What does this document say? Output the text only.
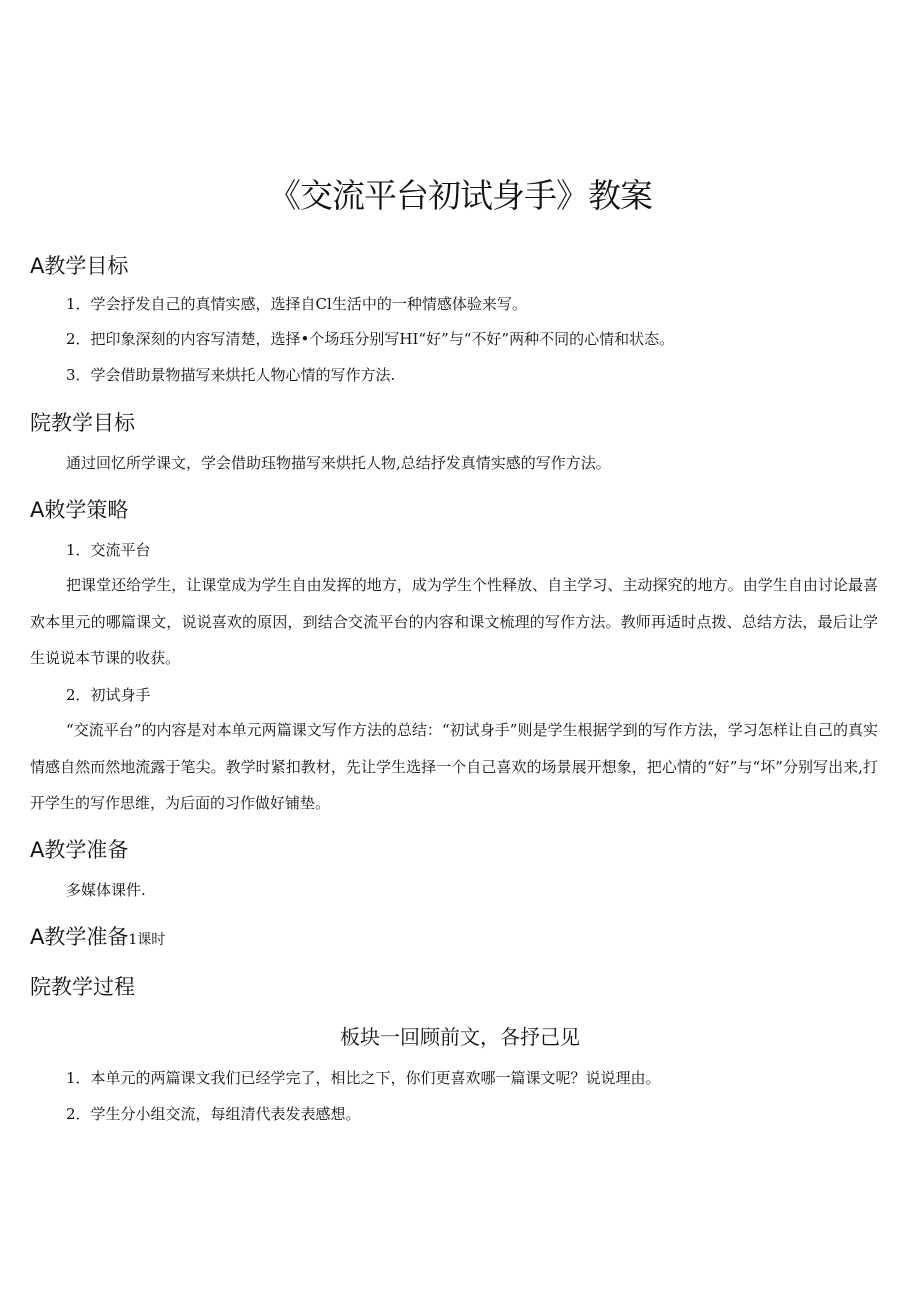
《交流平台初试身手》教案
A教学目标
1．学会抒发自己的真情实感，选择自Cl生活中的一种情感体验来写。
2．把印象深刻的内容写清楚，选择•个场珏分别写HI“好”与“不好”两种不同的心情和状态。
3．学会借助景物描写来烘托人物心情的写作方法.
院教学目标
通过回忆所学课文，学会借助珏物描写来烘托人物,总结抒发真情实感的写作方法。
A敕学策略
1．交流平台
把课堂还给学生，让课堂成为学生自由发挥的地方，成为学生个性释放、自主学习、主动探究的地方。由学生自由讨论最喜欢本里元的哪篇课文，说说喜欢的原因，到结合交流平台的内容和课文梳理的写作方法。教师再适时点拨、总结方法，最后让学生说说本节课的收获。
2．初试身手
“交流平台”的内容是对本单元两篇课文写作方法的总结：“初试身手”则是学生根据学到的写作方法，学习怎样让自己的真实情感自然而然地流露于笔尖。教学时紧扣教材，先让学生选择一个自己喜欢的场景展开想象，把心情的“好”与“坏”分别写出来,打开学生的写作思维，为后面的习作做好铺垫。
A教学准备
多媒体课件.
A教学准备1课时
院教学过程
板块一回顾前文，各抒己见
1．本单元的两篇课文我们已经学完了，相比之下，你们更喜欢哪一篇课文呢？说说理由。
2．学生分小组交流，每组清代表发表感想。
